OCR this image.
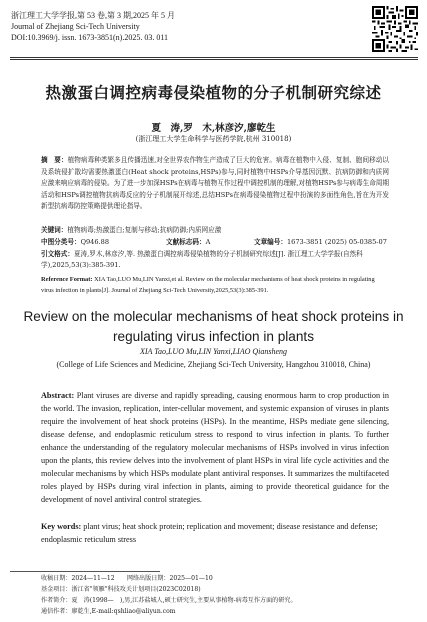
浙江理工大学学报,第 53 卷,第 3 期,2025 年 5 月
Journal of Zhejiang Sci-Tech University
DOI:10.3969/j. issn. 1673-3851(n).2025. 03. 011
热激蛋白调控病毒侵染植物的分子机制研究综述
夏　涛,罗　木,林彦汐,廖乾生
(浙江理工大学生命科学与医药学院,杭州 310018)
摘　要：植物病毒种类繁多且传播迅速,对全世界农作物生产造成了巨大的危害。病毒在植物中入侵、复制、胞间移动以及系统侵扩散均需要热激蛋白(Heat shock proteins,HSPs)参与,同时植物中HSPs介导基因沉默、抗病防御和内质网应激来响应病毒的侵染。为了进一步加深HSPs在病毒与植物互作过程中调控机制的理解,对植物HSPs参与病毒生命周期活动和HSPs调控植物抗病毒反应的分子机制展开综述,总结HSPs在病毒侵染植物过程中扮演的多面性角色,旨在为开发新型抗病毒防控策略提供理论指导。
关键词：植物病毒;热激蛋白;复制与移动;抗病防御;内质网应激
中图分类号：Q946.88	文献标志码：A	文章编号：1673-3851 (2025) 05-0385-07
引文格式：夏涛,罗木,林彦汐,等. 热激蛋白调控病毒侵染植物的分子机制研究综述[J]. 浙江理工大学学报(自然科学),2025,53(3):385-391.
Reference Format: XIA Tao,LUO Mu,LIN Yanxi,et al. Review on the molecular mechanisms of heat shock proteins in regulating virus infection in plants[J]. Journal of Zhejiang Sci-Tech University,2025,53(3):385-391.
Review on the molecular mechanisms of heat shock proteins in
regulating virus infection in plants
XIA Tao,LUO Mu,LIN Yanxi,LIAO Qiansheng
(College of Life Sciences and Medicine, Zhejiang Sci-Tech University, Hangzhou 310018, China)
Abstract: Plant viruses are diverse and rapidly spreading, causing enormous harm to crop production in the world. The invasion, replication, inter-cellular movement, and systemic expansion of viruses in plants require the involvement of heat shock proteins (HSPs). In the meantime, HSPs mediate gene silencing, disease defense, and endoplasmic reticulum stress to respond to virus infection in plants. To further enhance the understanding of the regulatory molecular mechanisms of HSPs involved in virus infection upon the plants, this review delves into the involvement of plant HSPs in viral life cycle activities and the molecular mechanisms by which HSPs modulate plant antiviral responses. It summarizes the multifaceted roles played by HSPs during viral infection in plants, aiming to provide theoretical guidance for the development of novel antiviral control strategies.
Key words: plant virus; heat shock protein; replication and movement; disease resistance and defense; endoplasmic reticulum stress
收稿日期：2024—11—12　　网络出版日期：2025—01—10
基金项目：浙江省"领雁"科技攻关计划项目(2023C02018)
作者简介：夏　涛(1998—　),男,江苏盐城人,硕士研究生,主要从事植物-病毒互作方面的研究。
通信作者：廖乾生,E-mail:qshliao@aliyun.com
